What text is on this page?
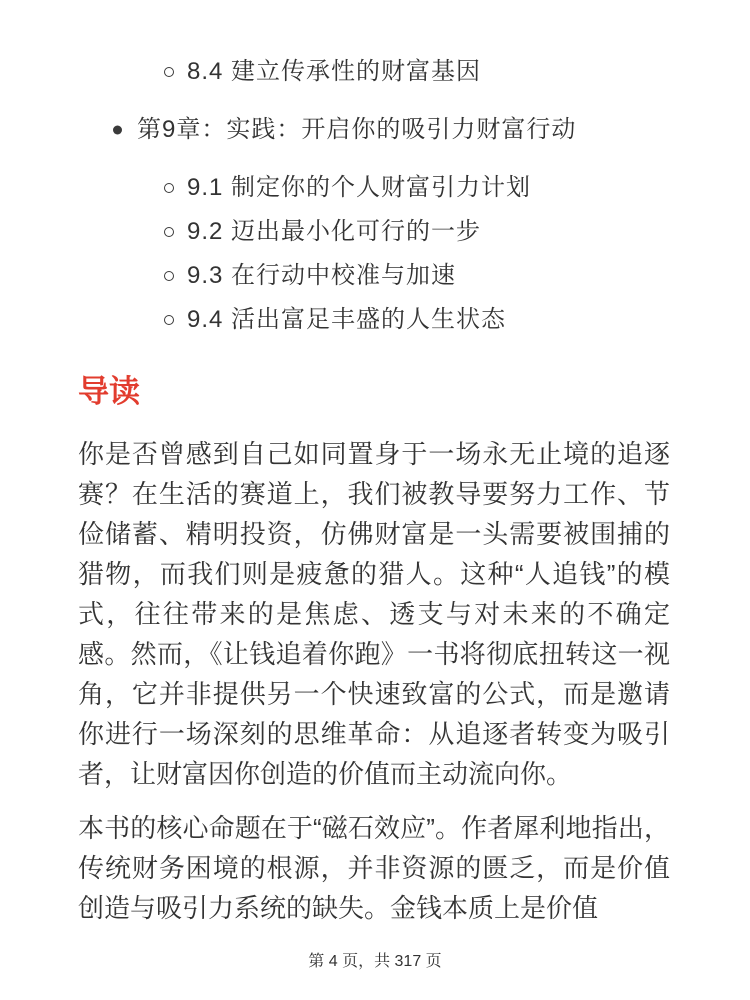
8.4 建立传承性的财富基因
第9章：实践：开启你的吸引力财富行动
9.1 制定你的个人财富引力计划
9.2 迈出最小化可行的一步
9.3 在行动中校准与加速
9.4 活出富足丰盛的人生状态
导读

你是否曾感到自己如同置身于一场永无止境的追逐赛？在生活的赛道上，我们被教导要努力工作、节俭储蓄、精明投资，仿佛财富是一头需要被围捕的猎物，而我们则是疲惫的猎人。这种“人追钱”的模式，往往带来的是焦虑、透支与对未来的不确定感。然而，《让钱追着你跑》一书将彻底扭转这一视角，它并非提供另一个快速致富的公式，而是邀请你进行一场深刻的思维革命：从追逐者转变为吸引者，让财富因你创造的价值而主动流向你。

本书的核心命题在于“磁石效应”。作者犀利地指出，传统财务困境的根源，并非资源的匮乏，而是价值创造与吸引力系统的缺失。金钱本质上是价值

第 4 页，共 317 页
